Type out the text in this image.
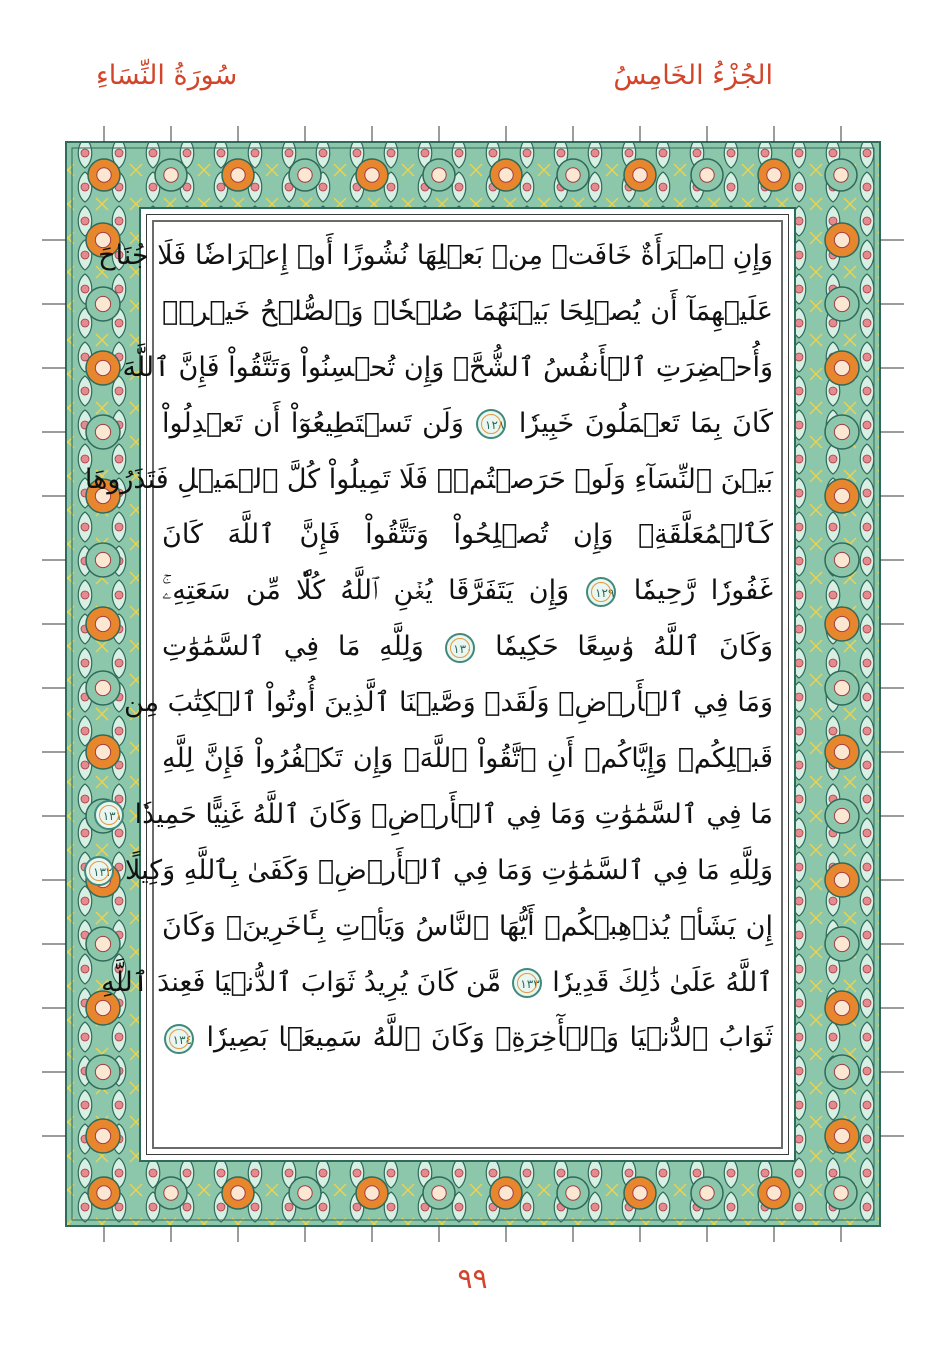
الجُزْءُ الخَامِسُ
سُورَةُ النِّسَاءِ
وَإِنِ ٱمۡرَأَةٌ خَافَتۡ مِنۢ بَعۡلِهَا نُشُوزًا أَوۡ إِعۡرَاضٗا فَلَا جُنَاحَ
عَلَيۡهِمَآ أَن يُصۡلِحَا بَيۡنَهُمَا صُلۡحٗاۚ وَٱلصُّلۡحُ خَيۡرٞۗ
وَأُحۡضِرَتِ ٱلۡأَنفُسُ ٱلشُّحَّۚ وَإِن تُحۡسِنُواْ وَتَتَّقُواْ فَإِنَّ ٱللَّهَ
كَانَ بِمَا تَعۡمَلُونَ خَبِيرٗا ١٢٨ وَلَن تَسۡتَطِيعُوٓاْ أَن تَعۡدِلُواْ
بَيۡنَ ٱلنِّسَآءِ وَلَوۡ حَرَصۡتُمۡۖ فَلَا تَمِيلُواْ كُلَّ ٱلۡمَيۡلِ فَتَذَرُوهَا
كَٱلۡمُعَلَّقَةِۚ وَإِن تُصۡلِحُواْ وَتَتَّقُواْ فَإِنَّ ٱللَّهَ كَانَ
غَفُورٗا رَّحِيمٗا ١٢٩ وَإِن يَتَفَرَّقَا يُغۡنِ ٱللَّهُ كُلّٗا مِّن سَعَتِهِۦۚ
وَكَانَ ٱللَّهُ وَٰسِعًا حَكِيمٗا ١٣٠ وَلِلَّهِ مَا فِي ٱلسَّمَٰوَٰتِ
وَمَا فِي ٱلۡأَرۡضِۗ وَلَقَدۡ وَصَّيۡنَا ٱلَّذِينَ أُوتُواْ ٱلۡكِتَٰبَ مِن
قَبۡلِكُمۡ وَإِيَّاكُمۡ أَنِ ٱتَّقُواْ ٱللَّهَۚ وَإِن تَكۡفُرُواْ فَإِنَّ لِلَّهِ
مَا فِي ٱلسَّمَٰوَٰتِ وَمَا فِي ٱلۡأَرۡضِۚ وَكَانَ ٱللَّهُ غَنِيًّا حَمِيدٗا ١٣١
وَلِلَّهِ مَا فِي ٱلسَّمَٰوَٰتِ وَمَا فِي ٱلۡأَرۡضِۚ وَكَفَىٰ بِٱللَّهِ وَكِيلًا ١٣٢
إِن يَشَأۡ يُذۡهِبۡكُمۡ أَيُّهَا ٱلنَّاسُ وَيَأۡتِ بِـَٔاخَرِينَۚ وَكَانَ
ٱللَّهُ عَلَىٰ ذَٰلِكَ قَدِيرٗا ١٣٣ مَّن كَانَ يُرِيدُ ثَوَابَ ٱلدُّنۡيَا فَعِندَ ٱللَّهِ
ثَوَابُ ٱلدُّنۡيَا وَٱلۡأٓخِرَةِۚ وَكَانَ ٱللَّهُ سَمِيعَۢا بَصِيرٗا ١٣٤
٩٩
